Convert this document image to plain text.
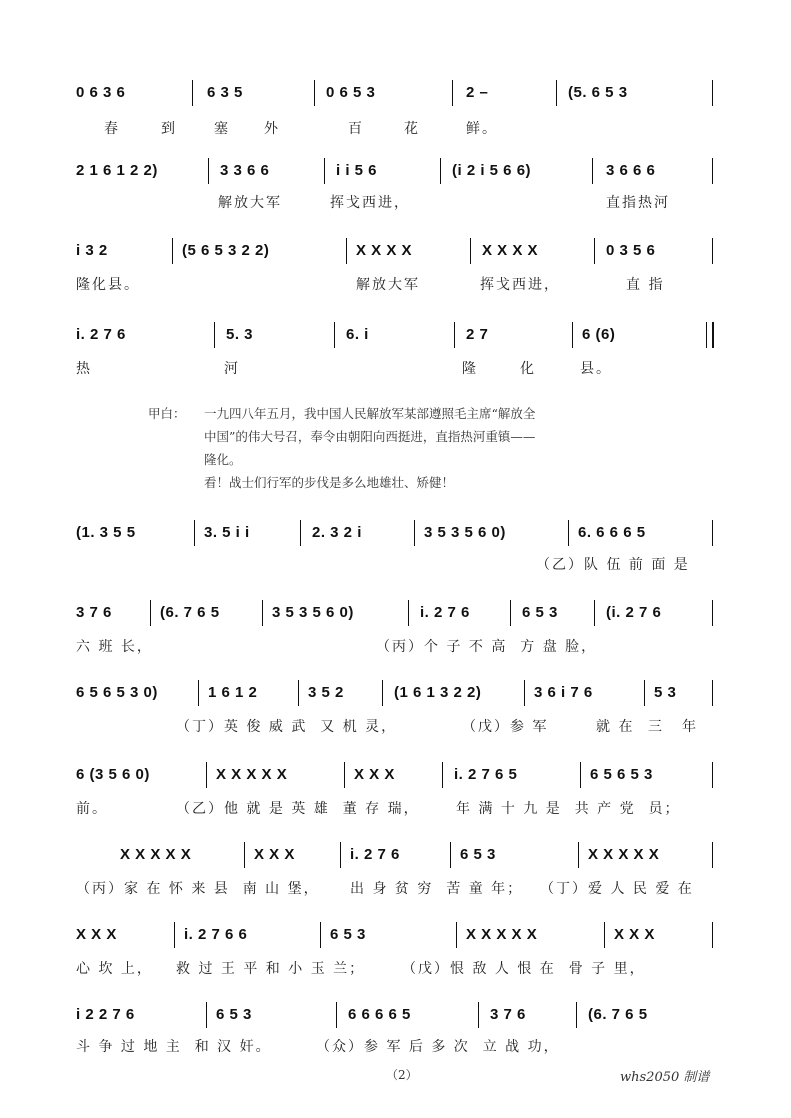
0 6 3 6	6 3 5	0 6 5 3	2 –	(5. 6 5 3
春	到	塞 外	百	花	鲜。
2 1 6 1 2 2)	3 3 6 6	i i 5 6	(i 2 i 5 6 6)	3 6 6 6
解放大军	挥戈西进，	直指热河
i 3 2	(5 6 5 3 2 2)	X X X X	X X X X	0 3 5 6
隆化县。	解放大军	挥戈西进，	直 指
i. 2 7 6	5. 3	6. i	2 7	6 (6)
热	河	隆	化	县。
甲白： 一九四八年五月，我中国人民解放军某部遵照毛主席“解放全
中国”的伟大号召，奉令由朝阳向西挺进，直指热河重镇——
隆化。
看！战士们行军的步伐是多么地雄壮、矫健！
(1. 3 5 5	3. 5 i i	2. 3 2 i	3 5 3 5 6 0)	6. 6 6 6 5
（乙）队 伍 前 面 是
3 7 6	(6. 7 6 5	3 5 3 5 6 0)	i. 2 7 6	6 5 3	(i. 2 7 6
六 班 长，	（丙）个 子 不 高  方 盘 脸，
6 5 6 5 3 0)	1 6 1 2	3 5 2	(1 6 1 3 2 2)	3 6 i 7 6	5 3
（丁）英 俊 威 武  又 机 灵，	（戊）参 军	就 在 三 年
6 (3 5 6 0)	X X X X X	X X X	i. 2 7 6 5	6 5 6 5 3
前。	（乙）他 就 是 英 雄  董 存 瑞，	年 满 十 九 是  共 产 党  员；
X X X X X	X X X	i. 2 7 6	6 5 3	X X X X X
（丙）家 在 怀 来 县  南 山 堡， 出 身 贫 穷  苦 童 年； （丁）爱 人 民 爱 在
X X X	i. 2 7 6 6	6 5 3	X X X X X	X X X
心 坎 上， 救 过 王 平 和 小 玉 兰；	（戊）恨 敌 人 恨 在  骨 子 里，
i 2 2 7 6	6 5 3	6 6 6 6 5	3 7 6	(6. 7 6 5
斗 争 过 地 主  和 汉 奸。	（众）参 军 后 多 次  立 战 功，
（2）	whs2050 制谱
